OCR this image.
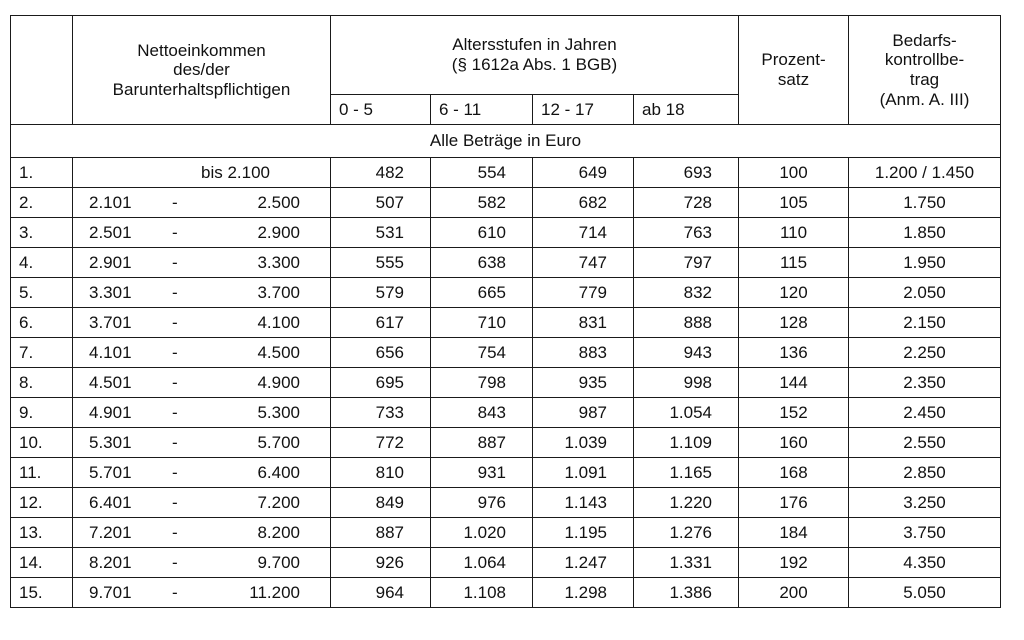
	Nettoeinkommen
des/der
Barunterhaltspflichtigen	Altersstufen in Jahren
(§ 1612a Abs. 1 BGB)				Prozent-
satz	Bedarfs-
kontrollbe-
trag
(Anm. A. III)
		0 - 5	6 - 11	12 - 17	ab 18		
Alle Beträge in Euro							
1.	bis 2.100	482	554	649	693	100	1.200 / 1.450
2.	2.101 - 2.500	507	582	682	728	105	1.750
3.	2.501 - 2.900	531	610	714	763	110	1.850
4.	2.901 - 3.300	555	638	747	797	115	1.950
5.	3.301 - 3.700	579	665	779	832	120	2.050
6.	3.701 - 4.100	617	710	831	888	128	2.150
7.	4.101 - 4.500	656	754	883	943	136	2.250
8.	4.501 - 4.900	695	798	935	998	144	2.350
9.	4.901 - 5.300	733	843	987	1.054	152	2.450
10.	5.301 - 5.700	772	887	1.039	1.109	160	2.550
11.	5.701 - 6.400	810	931	1.091	1.165	168	2.850
12.	6.401 - 7.200	849	976	1.143	1.220	176	3.250
13.	7.201 - 8.200	887	1.020	1.195	1.276	184	3.750
14.	8.201 - 9.700	926	1.064	1.247	1.331	192	4.350
15.	9.701 - 11.200	964	1.108	1.298	1.386	200	5.050
